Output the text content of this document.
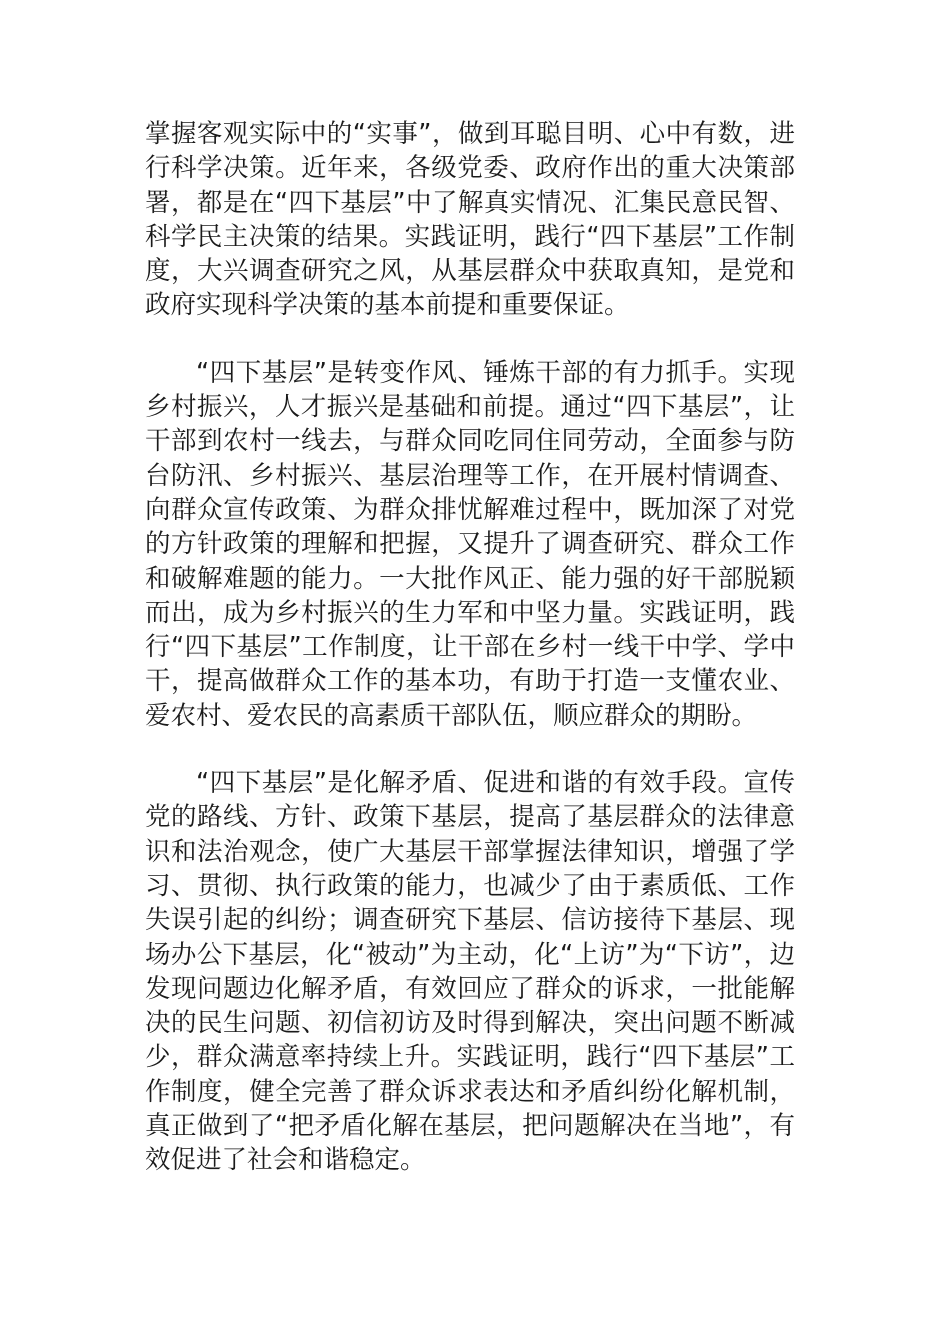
掌握客观实际中的“实事”，做到耳聪目明、心中有数，进行科学决策。近年来，各级党委、政府作出的重大决策部署，都是在“四下基层”中了解真实情况、汇集民意民智、科学民主决策的结果。实践证明，践行“四下基层”工作制度，大兴调查研究之风，从基层群众中获取真知，是党和政府实现科学决策的基本前提和重要保证。

“四下基层”是转变作风、锤炼干部的有力抓手。实现乡村振兴，人才振兴是基础和前提。通过“四下基层”，让干部到农村一线去，与群众同吃同住同劳动，全面参与防台防汛、乡村振兴、基层治理等工作，在开展村情调查、向群众宣传政策、为群众排忧解难过程中，既加深了对党的方针政策的理解和把握，又提升了调查研究、群众工作和破解难题的能力。一大批作风正、能力强的好干部脱颖而出，成为乡村振兴的生力军和中坚力量。实践证明，践行“四下基层”工作制度，让干部在乡村一线干中学、学中干，提高做群众工作的基本功，有助于打造一支懂农业、爱农村、爱农民的高素质干部队伍，顺应群众的期盼。

“四下基层”是化解矛盾、促进和谐的有效手段。宣传党的路线、方针、政策下基层，提高了基层群众的法律意识和法治观念，使广大基层干部掌握法律知识，增强了学习、贯彻、执行政策的能力，也减少了由于素质低、工作失误引起的纠纷；调查研究下基层、信访接待下基层、现场办公下基层，化“被动”为主动，化“上访”为“下访”，边发现问题边化解矛盾，有效回应了群众的诉求，一批能解决的民生问题、初信初访及时得到解决，突出问题不断减少，群众满意率持续上升。实践证明，践行“四下基层”工作制度，健全完善了群众诉求表达和矛盾纠纷化解机制，真正做到了“把矛盾化解在基层，把问题解决在当地”，有效促进了社会和谐稳定。
